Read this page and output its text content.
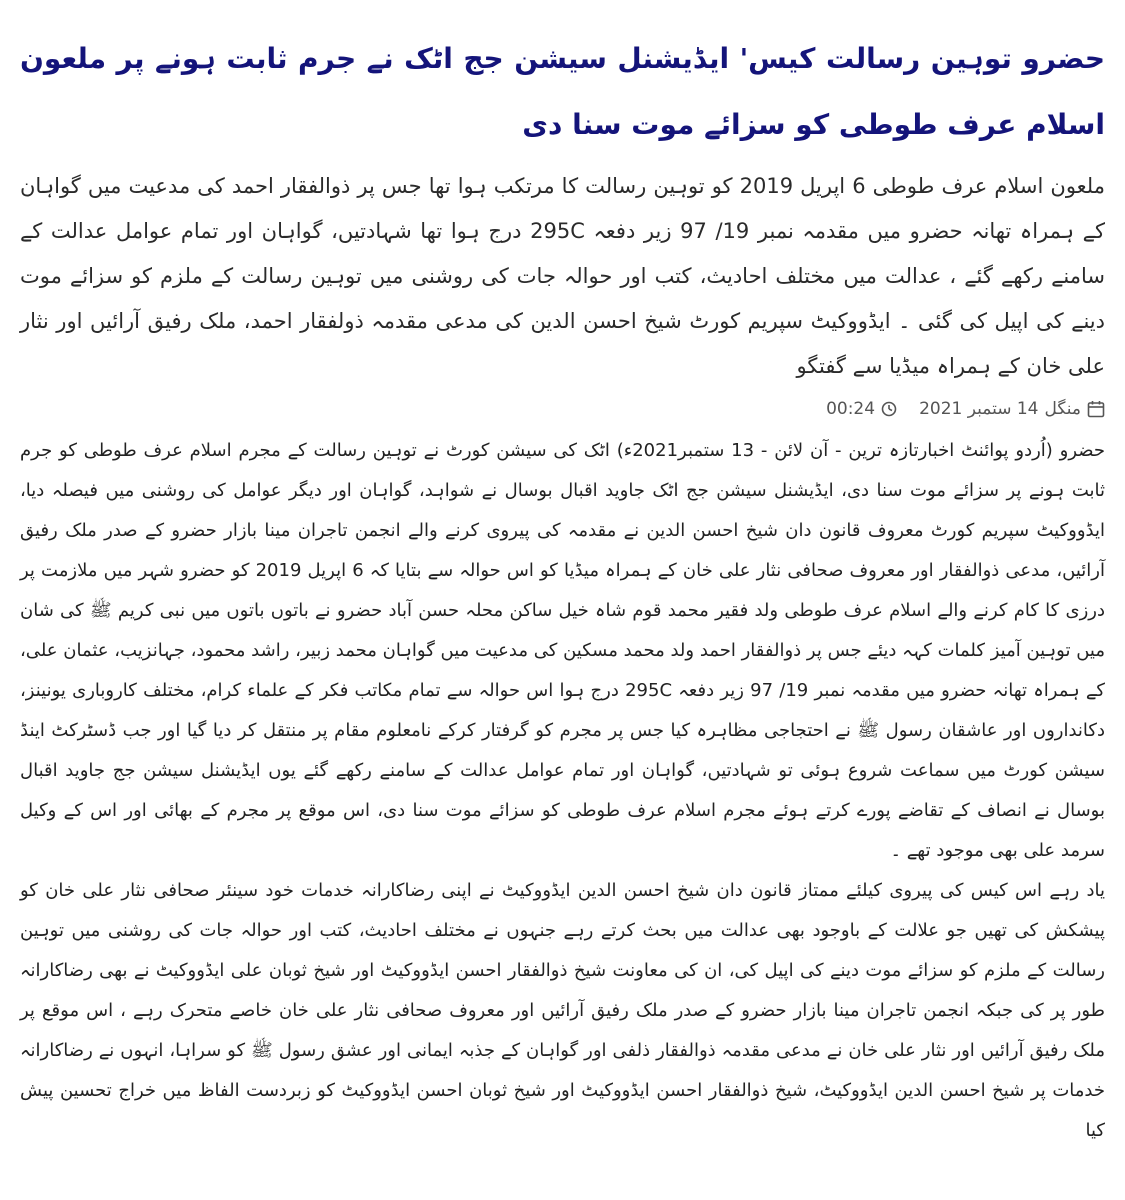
حضرو توہین رسالت کیس' ایڈیشنل سیشن جج اٹک نے جرم ثابت ہونے پر ملعون اسلام عرف طوطی کو سزائے موت سنا دی

ملعون اسلام عرف طوطی 6 اپریل 2019 کو توہین رسالت کا مرتکب ہوا تھا جس پر ذوالفقار احمد کی مدعیت میں گواہان کے ہمراہ تھانہ حضرو میں مقدمہ نمبر 19/ 97 زیر دفعہ 295C درج ہوا تھا شہادتیں، گواہان اور تمام عوامل عدالت کے سامنے رکھے گئے ، عدالت میں مختلف احادیث، کتب اور حوالہ جات کی روشنی میں توہین رسالت کے ملزم کو سزائے موت دینے کی اپیل کی گئی ۔ ایڈووکیٹ سپریم کورٹ شیخ احسن الدین کی مدعی مقدمہ ذولفقار احمد، ملک رفیق آرائیں اور نثار علی خان کے ہمراہ میڈیا سے گفتگو

منگل
14 ستمبر 2021
00:24

حضرو (اُردو پوائنٹ اخبارتازہ ترین - آن لائن - 13 ستمبر2021ء) اٹک کی سیشن کورٹ نے توہین رسالت کے مجرم اسلام عرف طوطی کو جرم ثابت ہونے پر سزائے موت سنا دی، ایڈیشنل سیشن جج اٹک جاوید اقبال بوسال نے شواہد، گواہان اور دیگر عوامل کی روشنی میں فیصلہ دیا، ایڈووکیٹ سپریم کورٹ معروف قانون دان شیخ احسن الدین نے مقدمہ کی پیروی کرنے والے انجمن تاجران مینا بازار حضرو کے صدر ملک رفیق آرائیں، مدعی ذوالفقار اور معروف صحافی نثار علی خان کے ہمراہ میڈیا کو اس حوالہ سے بتایا کہ 6 اپریل 2019 کو حضرو شہر میں ملازمت پر درزی کا کام کرنے والے اسلام عرف طوطی ولد فقیر محمد قوم شاہ خیل ساکن محلہ حسن آباد حضرو نے باتوں باتوں میں نبی کریم ﷺ کی شان میں توہین آمیز کلمات کہہ دیئے جس پر ذوالفقار احمد ولد محمد مسکین کی مدعیت میں گواہان محمد زبیر، راشد محمود، جہانزیب، عثمان علی، کے ہمراہ تھانہ حضرو میں مقدمہ نمبر 19/ 97 زیر دفعہ 295C درج ہوا اس حوالہ سے تمام مکاتب فکر کے علماء کرام، مختلف کاروباری یونینز، دکانداروں اور عاشقان رسول ﷺ نے احتجاجی مظاہرہ کیا جس پر مجرم کو گرفتار کرکے نامعلوم مقام پر منتقل کر دیا گیا اور جب ڈسٹرکٹ اینڈ سیشن کورٹ میں سماعت شروع ہوئی تو شہادتیں، گواہان اور تمام عوامل عدالت کے سامنے رکھے گئے یوں ایڈیشنل سیشن جج جاوید اقبال بوسال نے انصاف کے تقاضے پورے کرتے ہوئے مجرم اسلام عرف طوطی کو سزائے موت سنا دی، اس موقع پر مجرم کے بھائی اور اس کے وکیل سرمد علی بھی موجود تھے ۔

یاد رہے اس کیس کی پیروی کیلئے ممتاز قانون دان شیخ احسن الدین ایڈووکیٹ نے اپنی رضاکارانہ خدمات خود سینئر صحافی نثار علی خان کو پیشکش کی تھیں جو علالت کے باوجود بھی عدالت میں بحث کرتے رہے جنہوں نے مختلف احادیث، کتب اور حوالہ جات کی روشنی میں توہین رسالت کے ملزم کو سزائے موت دینے کی اپیل کی، ان کی معاونت شیخ ذوالفقار احسن ایڈووکیٹ اور شیخ ثوبان علی ایڈووکیٹ نے بھی رضاکارانہ طور پر کی جبکہ انجمن تاجران مینا بازار حضرو کے صدر ملک رفیق آرائیں اور معروف صحافی نثار علی خان خاصے متحرک رہے ، اس موقع پر ملک رفیق آرائیں اور نثار علی خان نے مدعی مقدمہ ذوالفقار ذلفی اور گواہان کے جذبہ ایمانی اور عشق رسول ﷺ کو سراہا، انہوں نے رضاکارانہ خدمات پر شیخ احسن الدین ایڈووکیٹ، شیخ ذوالفقار احسن ایڈووکیٹ اور شیخ ثوبان احسن ایڈووکیٹ کو زبردست الفاظ میں خراج تحسین پیش کیا
